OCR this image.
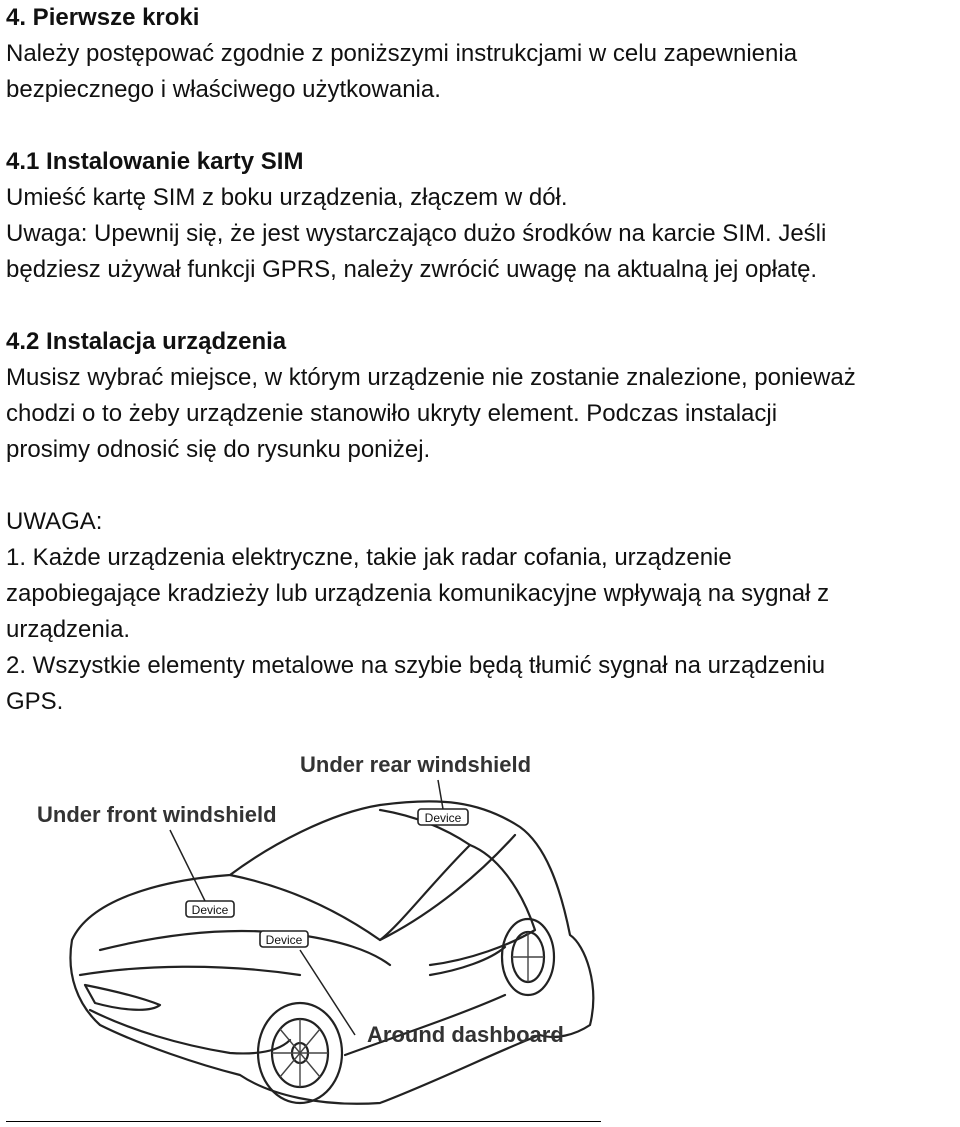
4. Pierwsze kroki

Należy postępować zgodnie z poniższymi instrukcjami w celu zapewnienia

bezpiecznego i właściwego użytkowania.

4.1 Instalowanie karty SIM

Umieść kartę SIM z boku urządzenia, złączem w dół.

Uwaga: Upewnij się, że jest wystarczająco dużo środków na karcie SIM. Jeśli

będziesz używał funkcji GPRS, należy zwrócić uwagę na aktualną jej opłatę.

4.2 Instalacja urządzenia

Musisz wybrać miejsce, w którym urządzenie nie zostanie znalezione, ponieważ

chodzi o to żeby urządzenie stanowiło ukryty element. Podczas instalacji

prosimy odnosić się do rysunku poniżej.

UWAGA:

1. Każde urządzenia elektryczne, takie jak radar cofania, urządzenie

zapobiegające kradzieży lub urządzenia komunikacyjne wpływają na sygnał z

urządzenia.

2. Wszystkie elementy metalowe na szybie będą tłumić sygnał na urządzeniu

GPS.

Device
Device
Device
Under rear windshield
Under front windshield
Around dashboard
